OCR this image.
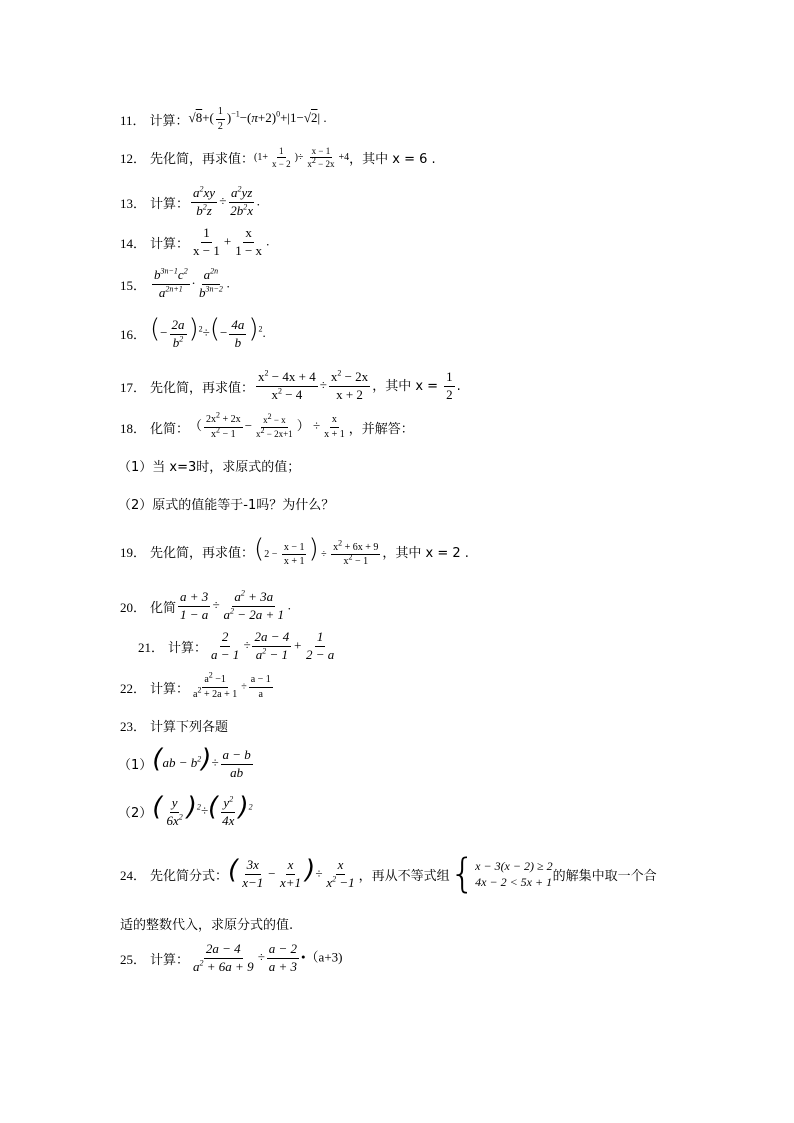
11． 计算： $√8+( \frac{1}{2} )^{-1}-(\pi+2)^0+|1-√2|$ .
12． 先化简，再求值： ($1+ \frac{1}{x - 2}$ )÷ $\frac{x - 1}{x^2 - 2x} +4$ ，其中 x = 6 .
13． 计算： $\frac{a^2xy}{b^2z} \div \frac{a^2yz}{2b^2x}$ .
14． 计算： $\frac{1}{x - 1} + \frac{x}{1 - x}$ .
15． $\frac{b^{3n-1}c^2}{a^{2n+1}} \cdot \frac{a^{2n}}{b^{3n-2}}$ .
16． (− $\frac{2a}{b^2} )^2\div(- \frac{4a}{b} )^2$.
17． 先化简，再求值： $\frac{x^2 - 4x + 4}{x^2 - 4} \div \frac{x^2 - 2x}{x + 2}$ ，其中 $x = \frac{1}{2}$ .
18． 化简： （ $\frac{2x^2 + 2x}{x^2 - 1} - \frac{x^2 - x}{x^2 - 2x+1}$ ） ÷ $\frac{x}{x + 1}$ ，并解答：
（1）当 x=3时，求原式的值；
（2）原式的值能等于-1吗？为什么？
19． 先化简，再求值： ($2 - \frac{x - 1}{x + 1}$ ) ÷ $\frac{x^2 + 6x + 9}{x^2 - 1}$ ，其中 x = 2 .
20． 化简 $\frac{a + 3}{1 - a} \div \frac{a^2 + 3a}{a^2 - 2a + 1}$ .
21． 计算： $\frac{2}{a - 1} \div \frac{2a - 4}{a^2 - 1} + \frac{1}{2 - a}$
22． 计算： $\frac{a^2 -1}{a^2 + 2a + 1} \div \frac{a - 1}{a}$
23． 计算下列各题
（1） $(ab - b^2)\div \frac{a - b}{ab}$
（2） ( $\frac{y}{6x^2} )^2\div( \frac{y^2}{4x} )^2$
24． 先化简分式： ( $\frac{3x}{x-1} - \frac{x}{x+1}$ )÷ $\frac{x}{x^2 -1}$ ，再从不等式组 { x − 3(x − 2) ≥ 2
4x − 2 < 5x + 1 的解集中取一个合
适的整数代入，求原分式的值.
25． 计算： $\frac{2a - 4}{a^2 + 6a + 9} \div \frac{a - 2}{a + 3}$ •（a+3)
